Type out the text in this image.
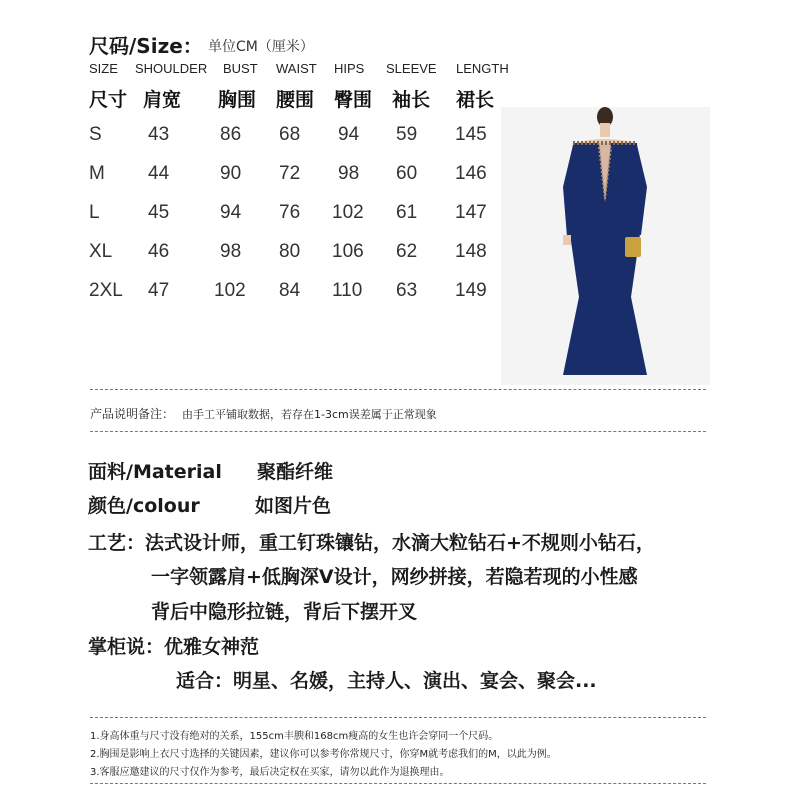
尺码/Size： 单位CM（厘米）
SIZE SHOULDER BUST WAIST HIPS SLEEVE LENGTH
尺寸 肩宽 胸围 腰围 臀围 袖长 裙长
S 43	86 68 94 59 145
M 44	90 72 98 60 146
L	45	94 76 102 61 147
XL 46	98 80 106 62 148
2XL 47 102 84 110 63 149
产品说明备注： 由手工平铺取数据，若存在1-3cm误差属于正常现象
面料/Material 聚酯纤维
颜色/colour	如图片色
工艺：法式设计师，重工钉珠镶钻，水滴大粒钻石+不规则小钻石，
一字领露肩+低胸深V设计，网纱拼接，若隐若现的小性感
背后中隐形拉链，背后下摆开叉
掌柜说：优雅女神范
适合：明星、名媛，主持人、演出、宴会、聚会...
1.身高体重与尺寸没有绝对的关系，155cm丰腴和168cm瘦高的女生也许会穿同一个尺码。
2.胸围是影响上衣尺寸选择的关键因素，建议你可以参考你常规尺寸，你穿M就考虑我们的M，以此为例。
3.客服应邀建议的尺寸仅作为参考，最后决定权在买家，请勿以此作为退换理由。
